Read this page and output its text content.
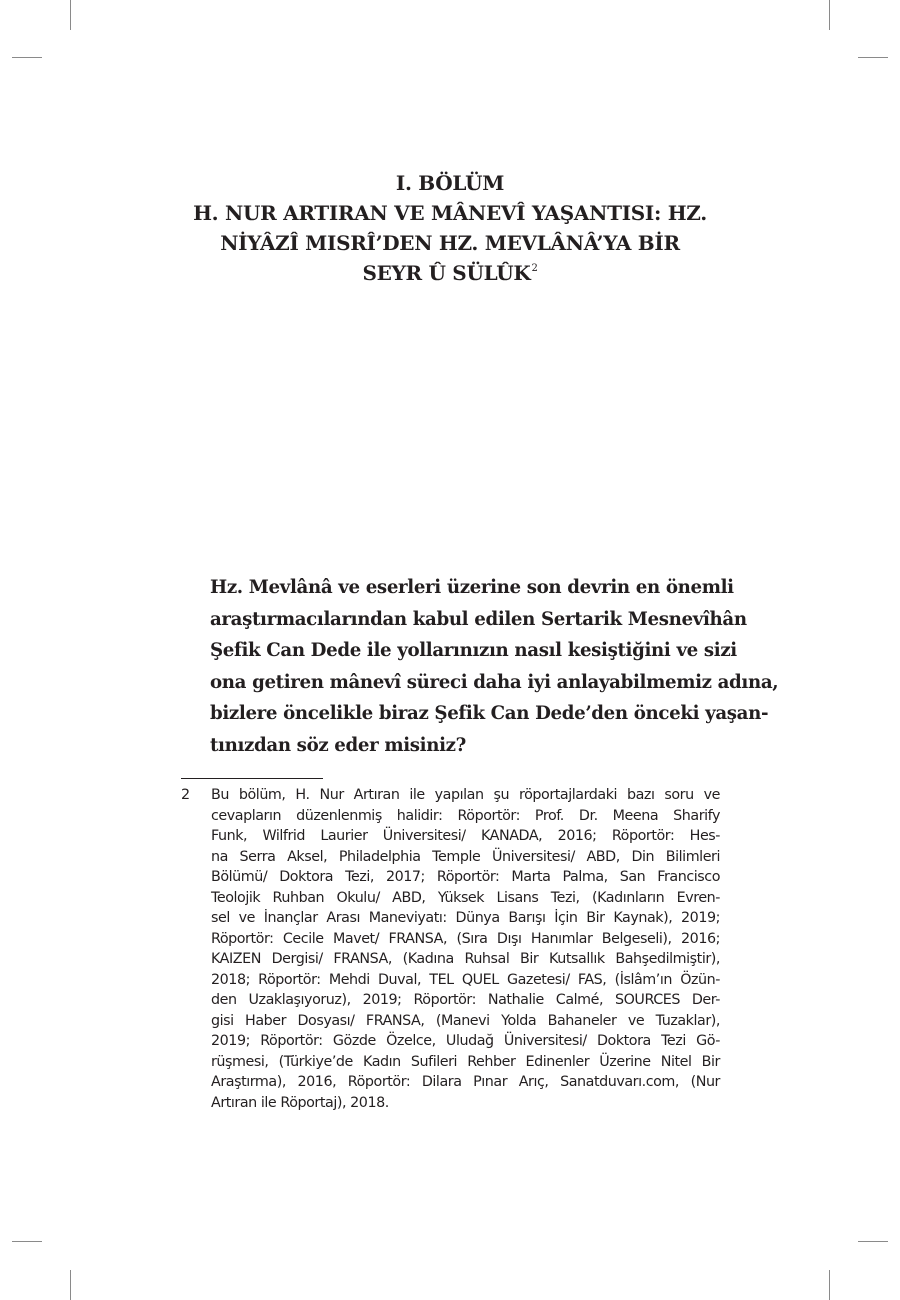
I. BÖLÜM
H. NUR ARTIRAN VE MÂNEVÎ YAŞANTISI: HZ.
NİYÂZÎ MISRÎ’DEN HZ. MEVLÂNÂ’YA BİR
SEYR Û SÜLÛK$^2$

Hz. Mevlânâ ve eserleri üzerine son devrin en önemli
araştırmacılarından kabul edilen Sertarik Mesnevîhân
Şefik Can Dede ile yollarınızın nasıl kesiştiğini ve sizi
ona getiren mânevî süreci daha iyi anlayabilmemiz adına,
bizlere öncelikle biraz Şefik Can Dede’den önceki yaşan-
tınızdan söz eder misiniz?

2 Bu bölüm, H. Nur Artıran ile yapılan şu röportajlardaki bazı soru ve
cevapların düzenlenmiş halidir: Röportör: Prof. Dr. Meena Sharify
Funk, Wilfrid Laurier Üniversitesi/ KANADA, 2016; Röportör: Hes-
na Serra Aksel, Philadelphia Temple Üniversitesi/ ABD, Din Bilimleri
Bölümü/ Doktora Tezi, 2017; Röportör: Marta Palma, San Francisco
Teolojik Ruhban Okulu/ ABD, Yüksek Lisans Tezi, (Kadınların Evren-
sel ve İnançlar Arası Maneviyatı: Dünya Barışı İçin Bir Kaynak), 2019;
Röportör: Cecile Mavet/ FRANSA, (Sıra Dışı Hanımlar Belgeseli), 2016;
KAIZEN Dergisi/ FRANSA, (Kadına Ruhsal Bir Kutsallık Bahşedilmiştir),
2018; Röportör: Mehdi Duval, TEL QUEL Gazetesi/ FAS, (İslâm’ın Özün-
den Uzaklaşıyoruz), 2019; Röportör: Nathalie Calmé, SOURCES Der-
gisi Haber Dosyası/ FRANSA, (Manevi Yolda Bahaneler ve Tuzaklar),
2019; Röportör: Gözde Özelce, Uludağ Üniversitesi/ Doktora Tezi Gö-
rüşmesi, (Türkiye’de Kadın Sufileri Rehber Edinenler Üzerine Nitel Bir
Araştırma), 2016, Röportör: Dilara Pınar Arıç, Sanatduvarı.com, (Nur
Artıran ile Röportaj), 2018.
